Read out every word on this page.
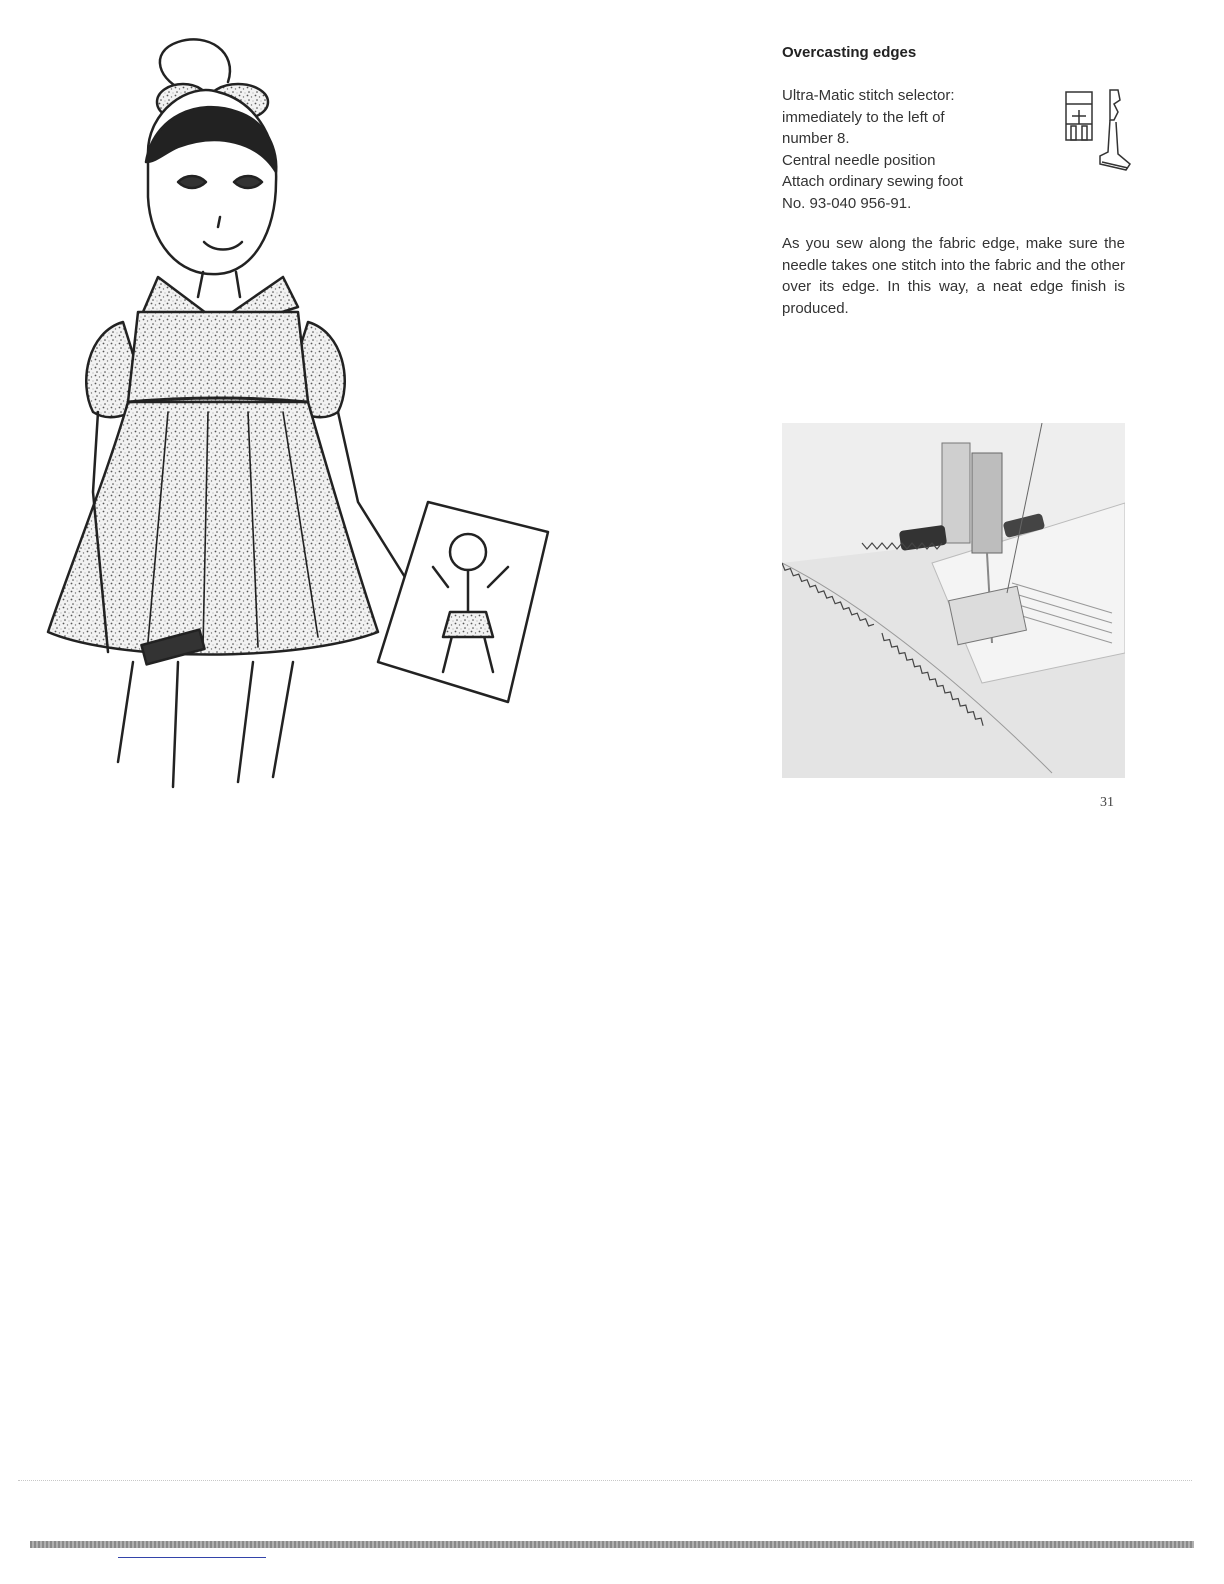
Overcasting edges
Ultra-Matic stitch selector:
immediately to the left of
number 8.
Central needle position
Attach ordinary sewing foot
No. 93-040 956-91.

As you sew along the fabric edge, make sure the needle takes one stitch into the fabric and the other over its edge. In this way, a neat edge finish is produced.

31
